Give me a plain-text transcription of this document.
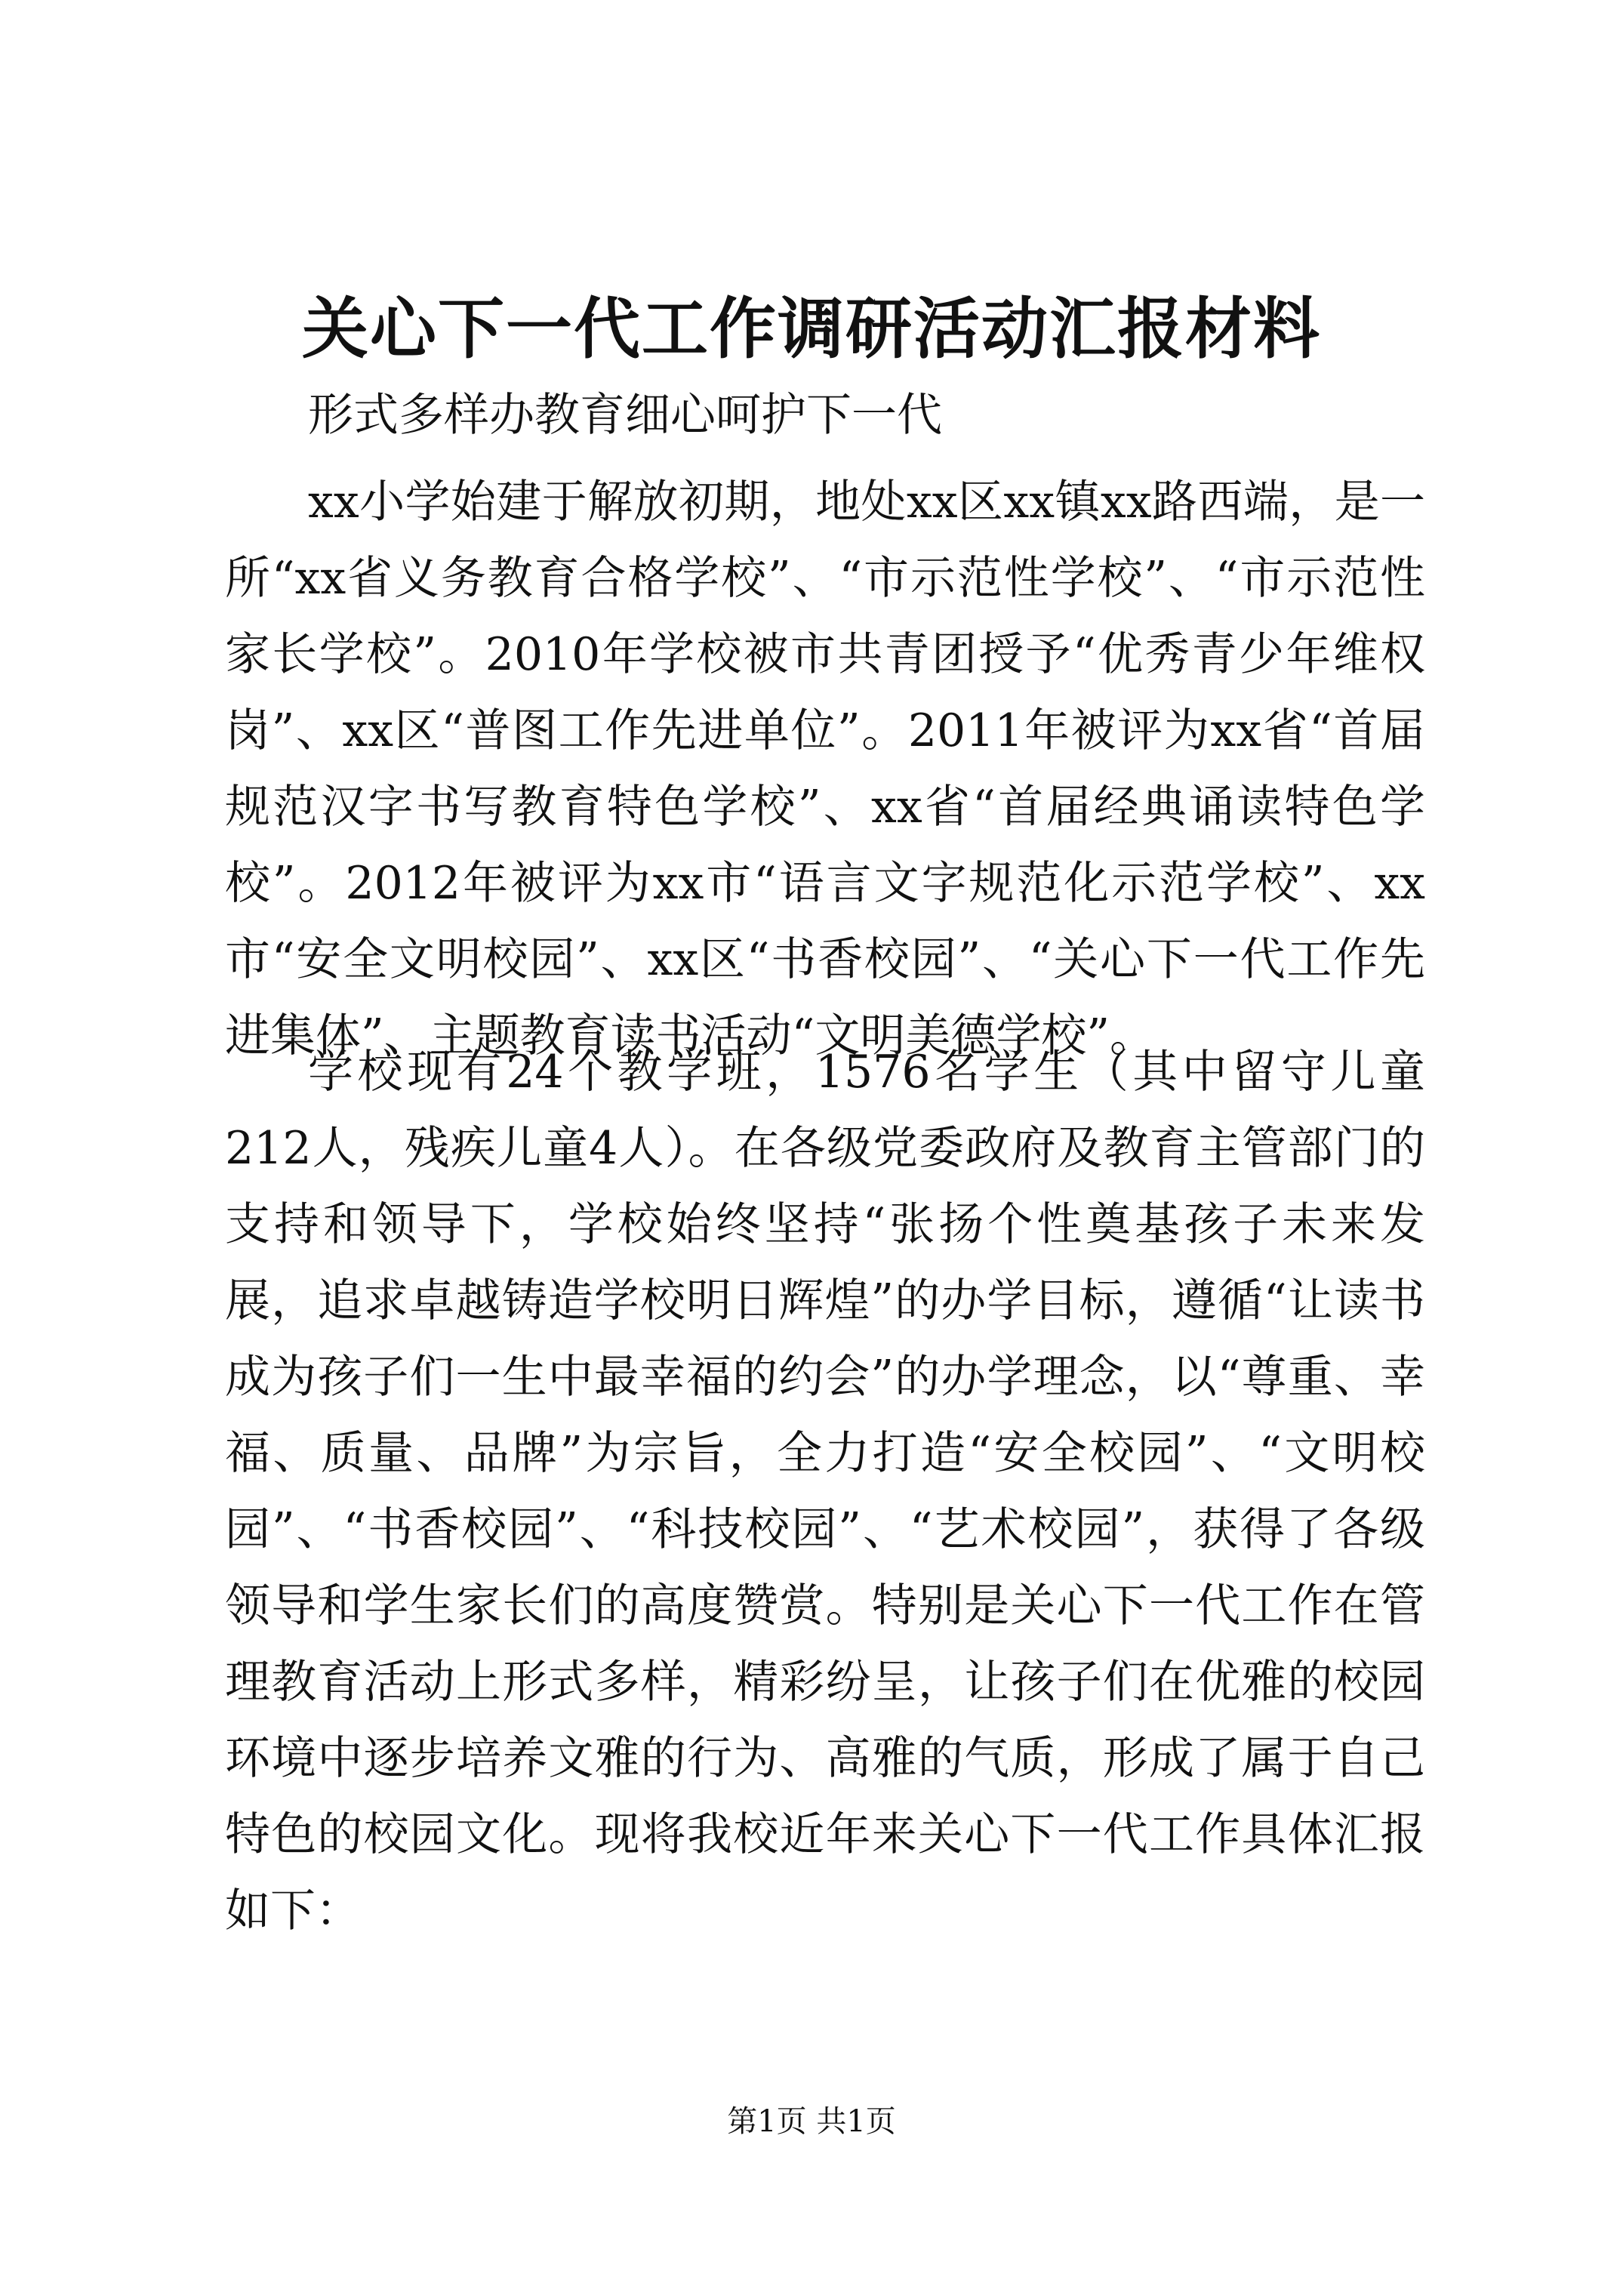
关心下一代工作调研活动汇报材料
形式多样办教育细心呵护下一代

xx小学始建于解放初期，地处xx区xx镇xx路西端，是一所“xx省义务教育合格学校”、“市示范性学校”、“市示范性家长学校”。2010年学校被市共青团授予“优秀青少年维权岗”、xx区“普图工作先进单位”。2011年被评为xx省“首届规范汉字书写教育特色学校”、xx省“首届经典诵读特色学校”。2012年被评为xx市“语言文字规范化示范学校”、xx市“安全文明校园”、xx区“书香校园”、“关心下一代工作先进集体”、主题教育读书活动“文明美德学校”。

学校现有24个教学班，1576名学生（其中留守儿童212人，残疾儿童4人）。在各级党委政府及教育主管部门的支持和领导下，学校始终坚持“张扬个性奠基孩子未来发展，追求卓越铸造学校明日辉煌”的办学目标，遵循“让读书成为孩子们一生中最幸福的约会”的办学理念，以“尊重、幸福、质量、品牌”为宗旨，全力打造“安全校园”、“文明校园”、“书香校园”、“科技校园”、“艺术校园”，获得了各级领导和学生家长们的高度赞赏。特别是关心下一代工作在管理教育活动上形式多样，精彩纷呈，让孩子们在优雅的校园环境中逐步培养文雅的行为、高雅的气质，形成了属于自己特色的校园文化。现将我校近年来关心下一代工作具体汇报如下：

第1页 共1页
